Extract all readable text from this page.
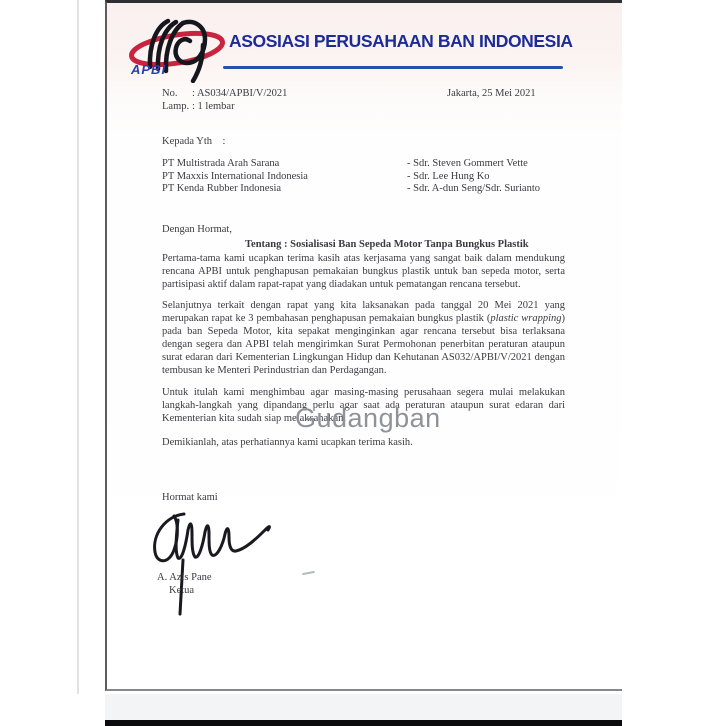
APBI
ASOSIASI PERUSAHAAN BAN INDONESIA
No. : AS034/APBI/V/2021
Lamp. : 1 lembar
Jakarta, 25 Mei 2021
Kepada Yth    :
PT Multistrada Arah Sarana
PT Maxxis International Indonesia
PT Kenda Rubber Indonesia
- Sdr. Steven Gommert Vette
- Sdr. Lee Hung Ko
- Sdr. A-dun Seng/Sdr. Surianto
Dengan Hormat,
Tentang : Sosialisasi Ban Sepeda Motor Tanpa Bungkus Plastik
Pertama-tama kami ucapkan terima kasih atas kerjasama yang sangat baik dalam mendukung rencana APBI untuk penghapusan pemakaian bungkus plastik untuk ban sepeda motor, serta partisipasi aktif dalam rapat-rapat yang diadakan untuk pematangan rencana tersebut.
Selanjutnya terkait dengan rapat yang kita laksanakan pada tanggal 20 Mei 2021 yang merupakan rapat ke 3 pembahasan penghapusan pemakaian bungkus plastik (plastic wrapping) pada ban Sepeda Motor, kita sepakat menginginkan agar rencana tersebut bisa terlaksana dengan segera dan APBI telah mengirimkan Surat Permohonan penerbitan peraturan ataupun surat edaran dari Kementerian Lingkungan Hidup dan Kehutanan AS032/APBI/V/2021 dengan tembusan ke Menteri Perindustrian dan Perdagangan.
Untuk itulah kami menghimbau agar masing-masing perusahaan segera mulai melakukan langkah-langkah yang dipandang perlu agar saat ada peraturan ataupun surat edaran dari Kementerian kita sudah siap melaksanakan.
Demikianlah, atas perhatiannya kami ucapkan terima kasih.
Hormat kami
A. Azis Pane
Ketua
Gudangban
